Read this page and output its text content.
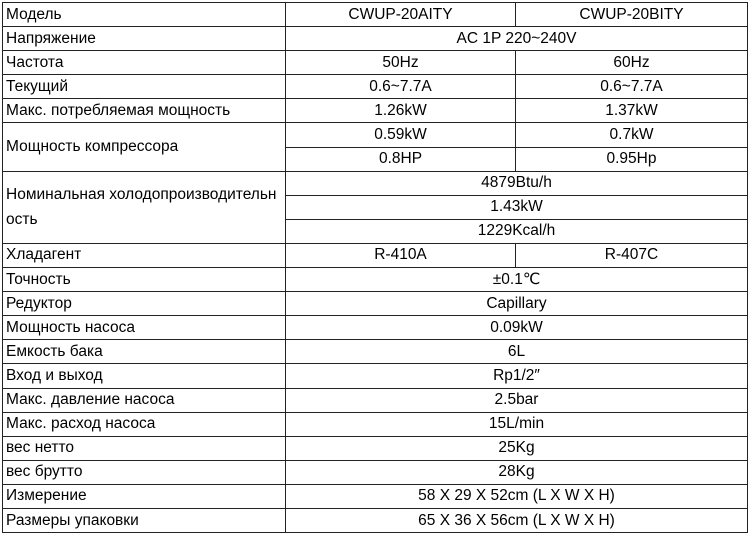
Модель	CWUP-20AITY	CWUP-20BITY
Напряжение	AC 1P 220~240V	
Частота	50Hz	60Hz
Текущий	0.6~7.7A	0.6~7.7A
Макс. потребляемая мощность	1.26kW	1.37kW
Мощность компрессора	0.59kW	0.7kW
	0.8HP	0.95Hp
Номинальная холодопроизводительность	4879Btu/h	
	1.43kW	
	1229Kcal/h	
Хладагент	R-410A	R-407C
Точность	±0.1℃	
Редуктор	Capillary	
Мощность насоса	0.09kW	
Емкость бака	6L	
Вход и выход	Rp1/2″	
Макс. давление насоса	2.5bar	
Макс. расход насоса	15L/min	
вес нетто	25Kg	
вес брутто	28Kg	
Измерение	58 X 29 X 52cm (L X W X H)	
Размеры упаковки	65 X 36 X 56cm (L X W X H)	
